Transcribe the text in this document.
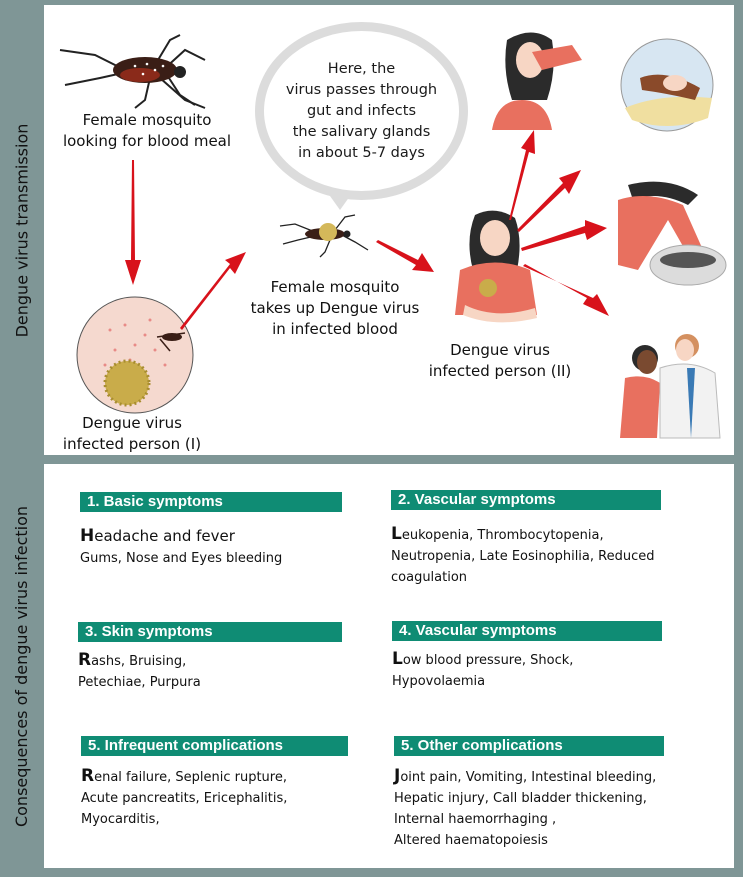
Dengue virus transmission
Consequences of dengue virus infection
Female mosquito
looking for blood meal
Dengue virus
infected person (I)
Here, the
virus passes through
gut and infects
the salivary glands
in about 5-7 days
Female mosquito
takes up Dengue virus
in infected blood
Dengue virus
infected person (II)
1. Basic symptoms
Headache and fever
Gums, Nose and Eyes bleeding
2. Vascular symptoms
Leukopenia, Thrombocytopenia,
Neutropenia, Late Eosinophilia, Reduced
coagulation
3. Skin symptoms
Rashs, Bruising,
Petechiae, Purpura
4. Vascular symptoms
Low blood pressure, Shock,
Hypovolaemia
5. Infrequent complications
Renal failure, Seplenic rupture,
Acute pancreatits, Ericephalitis,
Myocarditis,
5. Other complications
Joint pain, Vomiting, Intestinal bleeding,
Hepatic injury, Call bladder thickening,
Internal haemorrhaging ,
Altered haematopoiesis
